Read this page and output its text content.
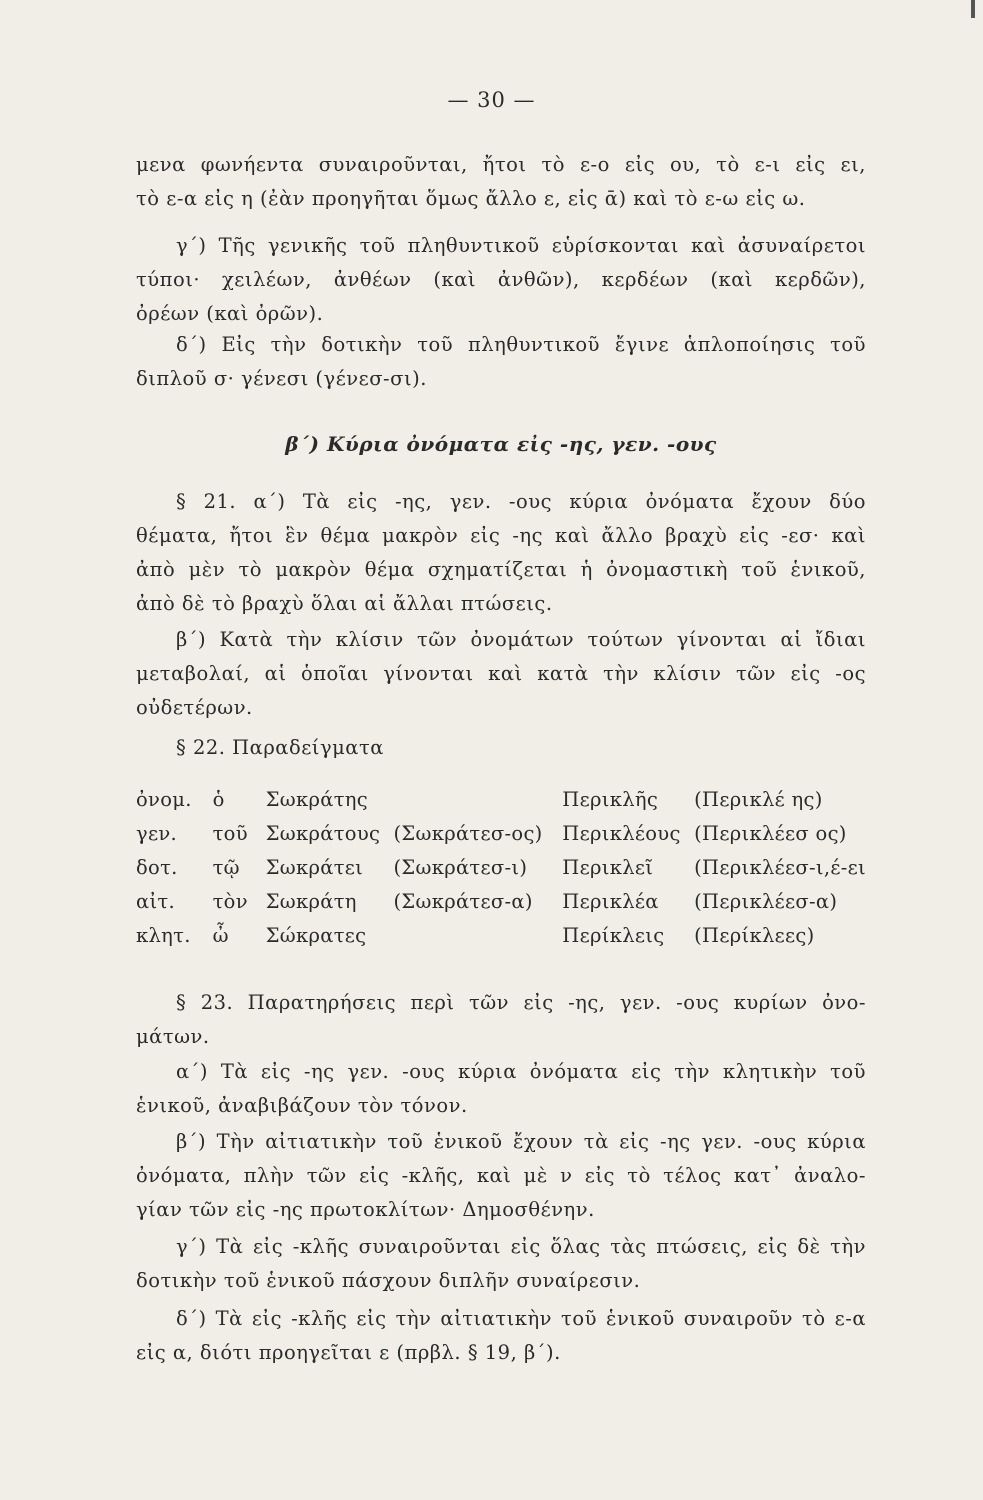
— 30 —
μενα φωνήεντα συναιροῦνται, ἤτοι τὸ ε-ο εἰς ου, τὸ ε-ι εἰς ει,
τὸ ε-α εἰς η (ἐὰν προηγῆται ὅμως ἄλλο ε, εἰς ᾱ) καὶ τὸ ε-ω εἰς ω.
γ΄) Τῆς γενικῆς τοῦ πληθυντικοῦ εὑρίσκονται καὶ ἀσυναίρετοι
τύποι· χειλέων, ἀνθέων (καὶ ἀνθῶν), κερδέων (καὶ κερδῶν),
ὀρέων (καὶ ὀρῶν).
δ΄) Εἰς τὴν δοτικὴν τοῦ πληθυντικοῦ ἔγινε ἁπλοποίησις τοῦ
διπλοῦ σ· γένεσι (γένεσ-σι).
β΄) Κύρια ὀνόματα εἰς -ης, γεν. -ους
§ 21. α΄) Τὰ εἰς -ης, γεν. -ους κύρια ὀνόματα ἔχουν δύο
θέματα, ἤτοι ἓν θέμα μακρὸν εἰς -ης καὶ ἄλλο βραχὺ εἰς -εσ· καὶ
ἀπὸ μὲν τὸ μακρὸν θέμα σχηματίζεται ἡ ὀνομαστικὴ τοῦ ἑνικοῦ,
ἀπὸ δὲ τὸ βραχὺ ὅλαι αἱ ἄλλαι πτώσεις.
β΄) Κατὰ τὴν κλίσιν τῶν ὀνομάτων τούτων γίνονται αἱ ἴδιαι
μεταβολαί, αἱ ὁποῖαι γίνονται καὶ κατὰ τὴν κλίσιν τῶν εἰς -ος
οὐδετέρων.
§ 22. Παραδείγματα
ὀνομ.	ὁ	Σωκράτης		Περικλῆς	(Περικλέ ης)
γεν.	τοῦ	Σωκράτους	(Σωκράτεσ-ος)	Περικλέους	(Περικλέεσ ος)
δοτ.	τῷ	Σωκράτει	(Σωκράτεσ-ι)	Περικλεῖ	(Περικλέεσ-ι,έ-ει
αἰτ.	τὸν	Σωκράτη	(Σωκράτεσ-α)	Περικλέα	(Περικλέεσ-α)
κλητ.	ὦ	Σώκρατες		Περίκλεις	(Περίκλεες)
§ 23. Παρατηρήσεις περὶ τῶν εἰς -ης, γεν. -ους κυρίων ὀνο-
μάτων.
α΄) Τὰ εἰς -ης γεν. -ους κύρια ὀνόματα εἰς τὴν κλητικὴν τοῦ
ἑνικοῦ, ἀναβιβάζουν τὸν τόνον.
β΄) Τὴν αἰτιατικὴν τοῦ ἑνικοῦ ἔχουν τὰ εἰς -ης γεν. -ους κύρια
ὀνόματα, πλὴν τῶν εἰς -κλῆς, καὶ μὲ ν εἰς τὸ τέλος κατ᾿ ἀναλο-
γίαν τῶν εἰς -ης πρωτοκλίτων· Δημοσθένην.
γ΄) Τὰ εἰς -κλῆς συναιροῦνται εἰς ὅλας τὰς πτώσεις, εἰς δὲ τὴν
δοτικὴν τοῦ ἑνικοῦ πάσχουν διπλῆν συναίρεσιν.
δ΄) Τὰ εἰς -κλῆς εἰς τὴν αἰτιατικὴν τοῦ ἑνικοῦ συναιροῦν τὸ ε-α
εἰς α, διότι προηγεῖται ε (πρβλ. § 19, β΄).
